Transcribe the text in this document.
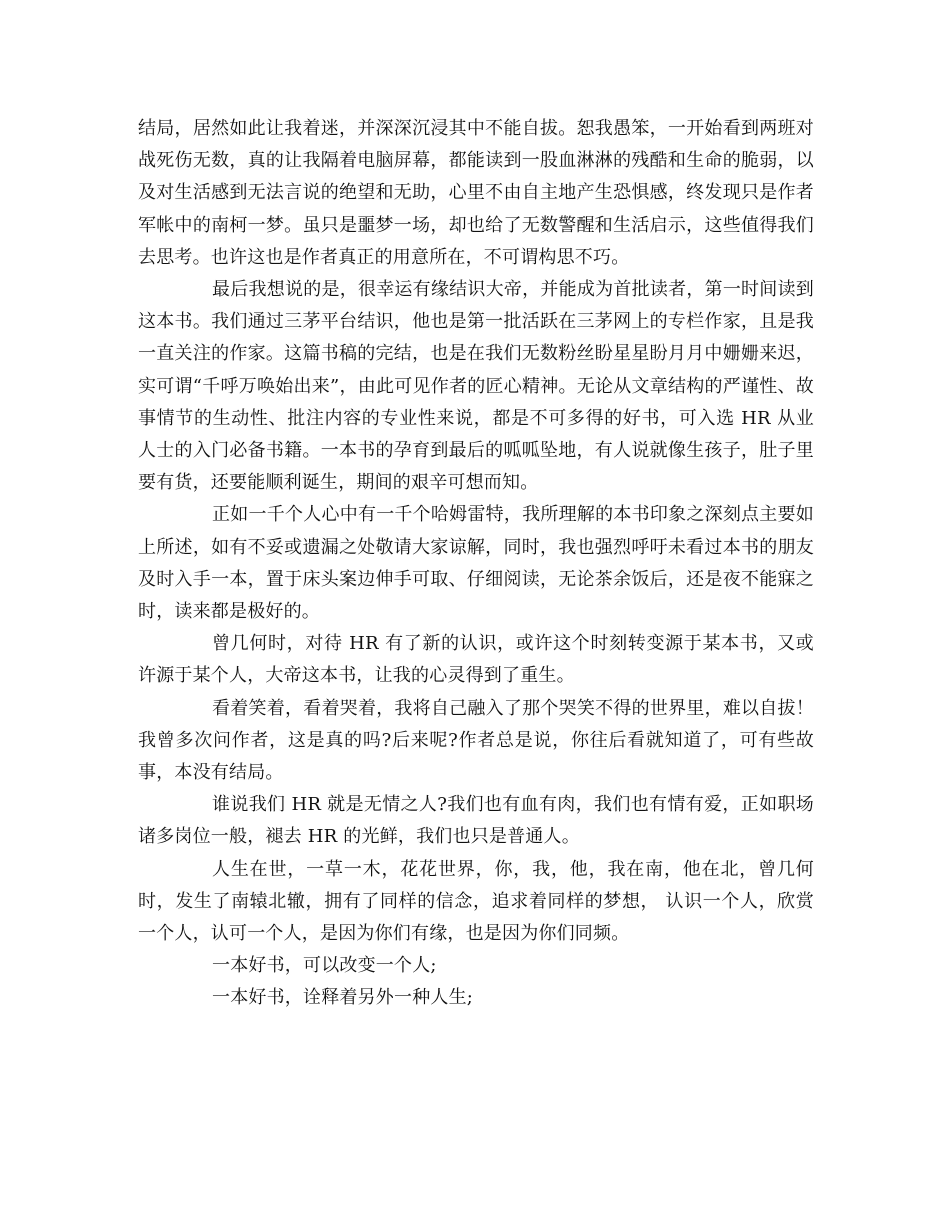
结局，居然如此让我着迷，并深深沉浸其中不能自拔。恕我愚笨，一开始看到两班对战死伤无数，真的让我隔着电脑屏幕，都能读到一股血淋淋的残酷和生命的脆弱，以及对生活感到无法言说的绝望和无助，心里不由自主地产生恐惧感，终发现只是作者军帐中的南柯一梦。虽只是噩梦一场，却也给了无数警醒和生活启示，这些值得我们去思考。也许这也是作者真正的用意所在，不可谓构思不巧。

最后我想说的是，很幸运有缘结识大帝，并能成为首批读者，第一时间读到这本书。我们通过三茅平台结识，他也是第一批活跃在三茅网上的专栏作家，且是我一直关注的作家。这篇书稿的完结，也是在我们无数粉丝盼星星盼月月中姗姗来迟，实可谓“千呼万唤始出来”，由此可见作者的匠心精神。无论从文章结构的严谨性、故事情节的生动性、批注内容的专业性来说，都是不可多得的好书，可入选 HR 从业人士的入门必备书籍。一本书的孕育到最后的呱呱坠地，有人说就像生孩子，肚子里要有货，还要能顺利诞生，期间的艰辛可想而知。

正如一千个人心中有一千个哈姆雷特，我所理解的本书印象之深刻点主要如上所述，如有不妥或遗漏之处敬请大家谅解，同时，我也强烈呼吁未看过本书的朋友及时入手一本，置于床头案边伸手可取、仔细阅读，无论茶余饭后，还是夜不能寐之时，读来都是极好的。

曾几何时，对待 HR 有了新的认识，或许这个时刻转变源于某本书，又或许源于某个人，大帝这本书，让我的心灵得到了重生。

看着笑着，看着哭着，我将自己融入了那个哭笑不得的世界里，难以自拔！我曾多次问作者，这是真的吗?后来呢?作者总是说，你往后看就知道了，可有些故事，本没有结局。

谁说我们 HR 就是无情之人?我们也有血有肉，我们也有情有爱，正如职场诸多岗位一般，褪去 HR 的光鲜，我们也只是普通人。

人生在世，一草一木，花花世界，你，我，他，我在南，他在北，曾几何时，发生了南辕北辙，拥有了同样的信念，追求着同样的梦想， 认识一个人，欣赏一个人，认可一个人，是因为你们有缘，也是因为你们同频。

一本好书，可以改变一个人;

一本好书，诠释着另外一种人生;
